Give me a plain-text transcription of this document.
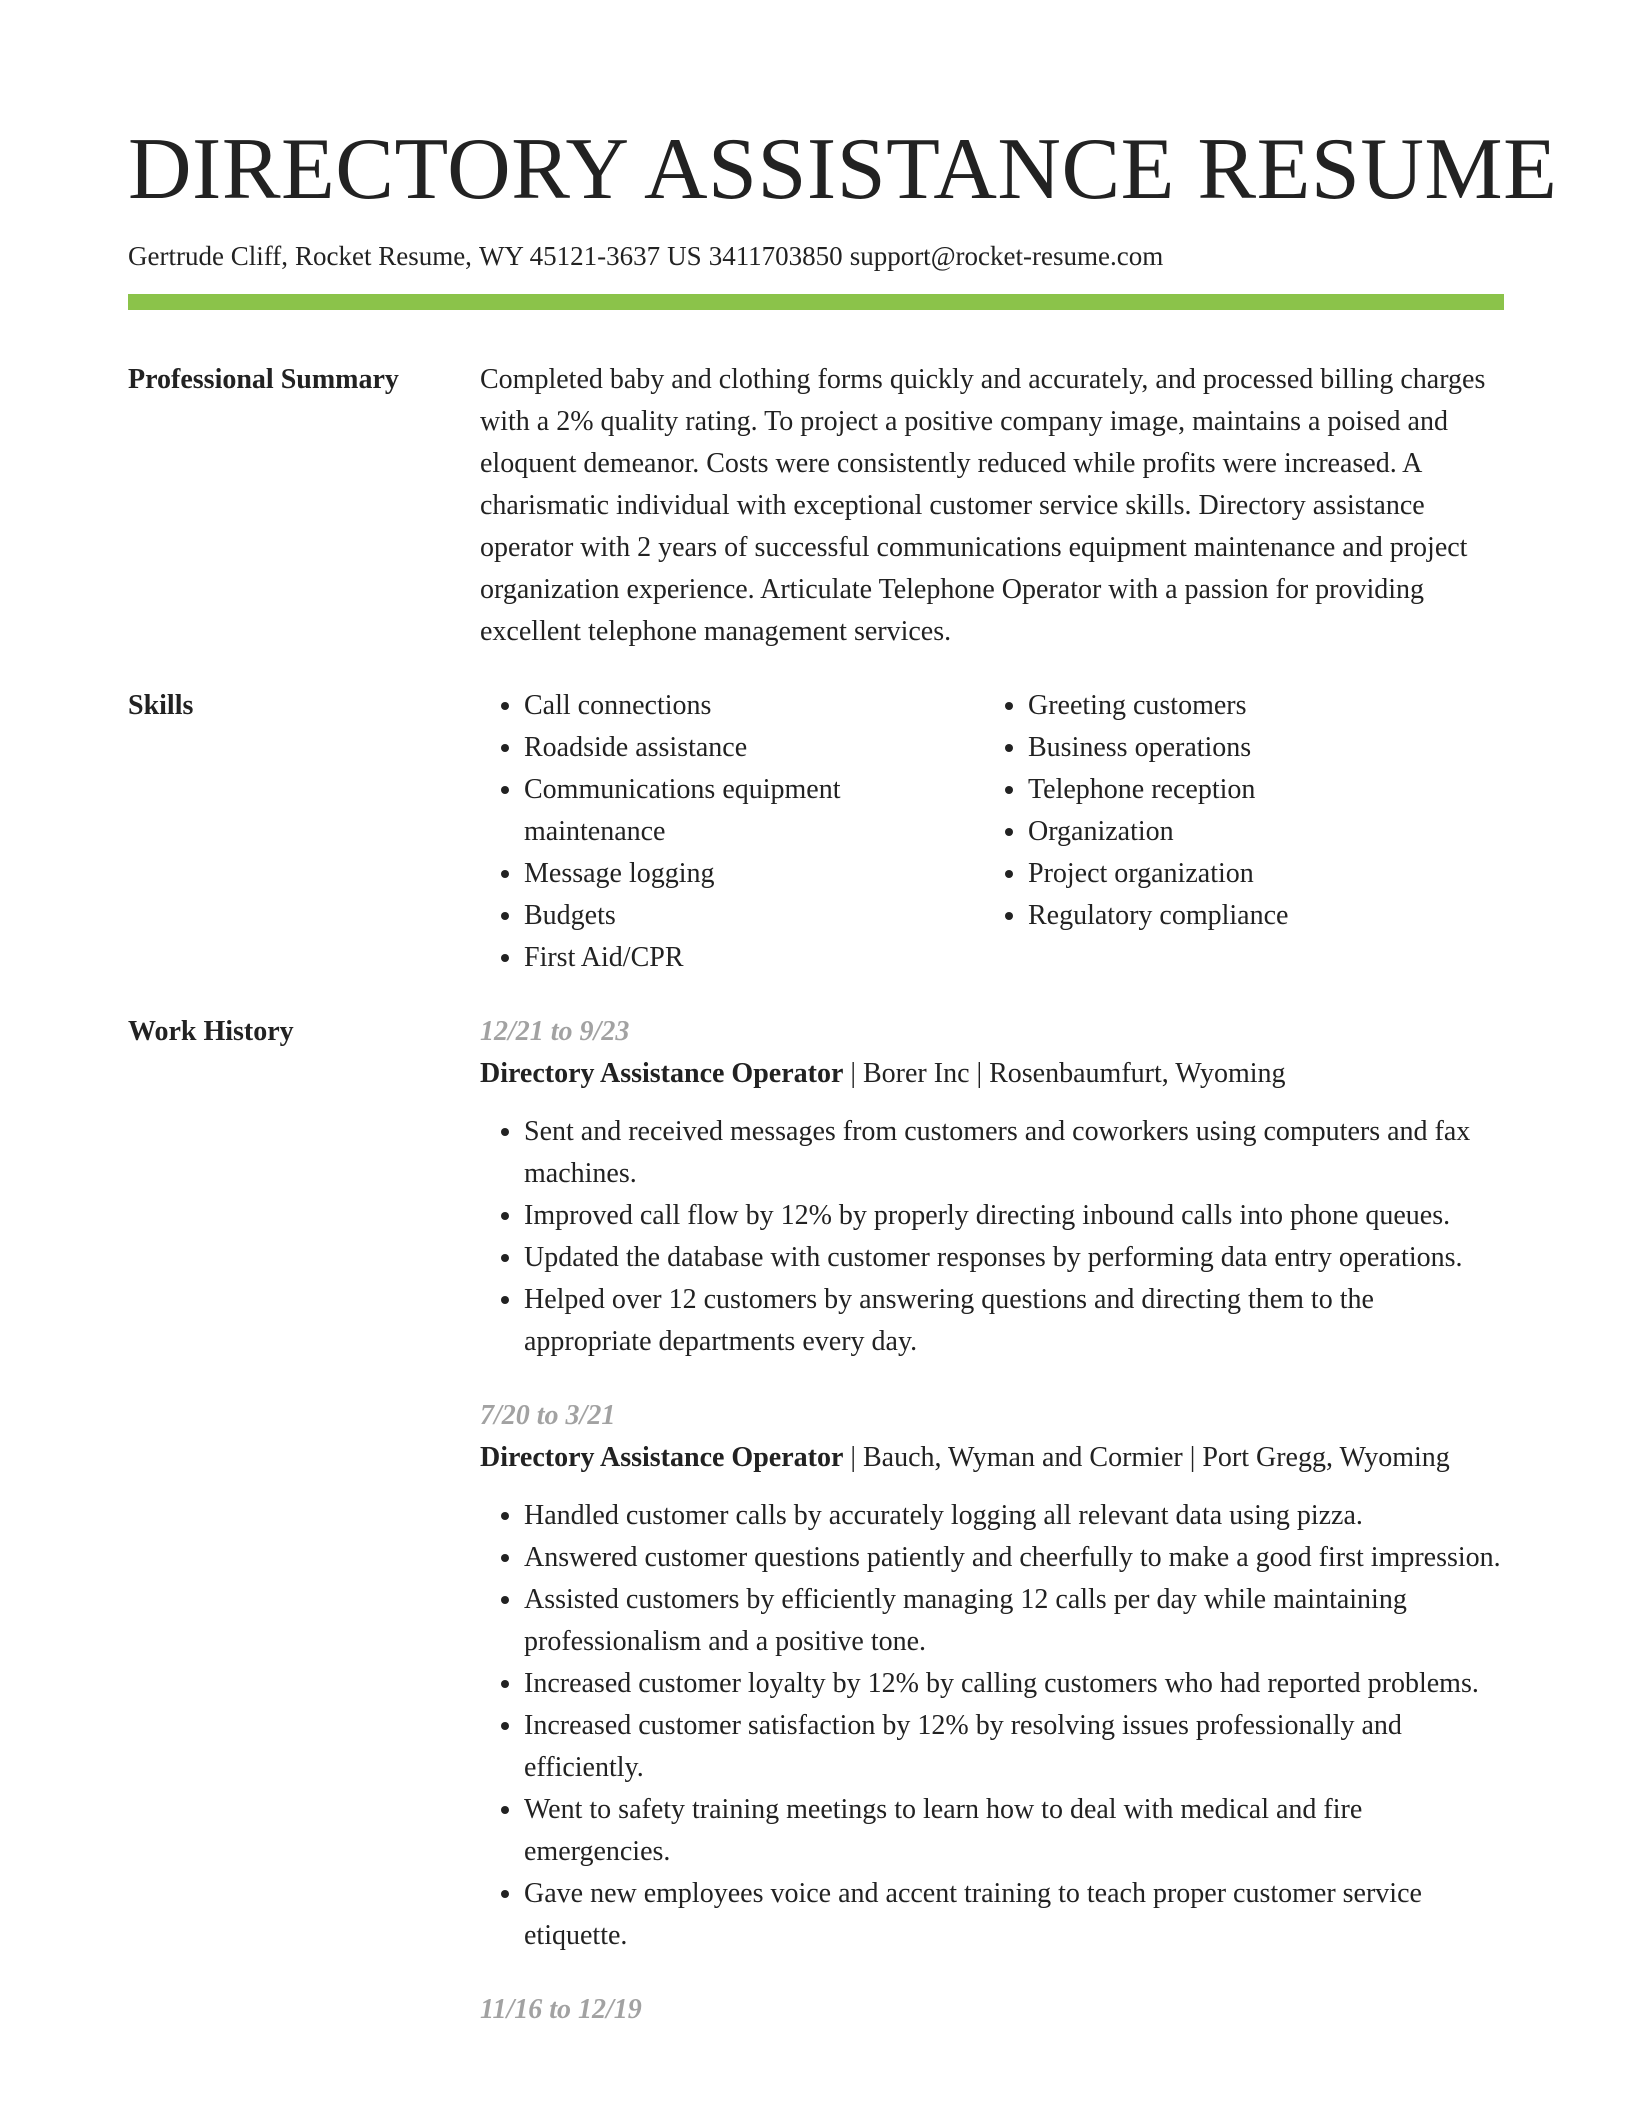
DIRECTORY ASSISTANCE RESUME
Gertrude Cliff, Rocket Resume, WY 45121-3637 US 3411703850 support@rocket-resume.com
Professional Summary	Completed baby and clothing forms quickly and accurately, and processed billing charges with a 2% quality rating. To project a positive company image, maintains a poised and eloquent demeanor. Costs were consistently reduced while profits were increased. A charismatic individual with exceptional customer service skills. Directory assistance operator with 2 years of successful communications equipment maintenance and project organization experience. Articulate Telephone Operator with a passion for providing excellent telephone management services.

Skills
•	Call connections
• Roadside assistance
• Communications equipment maintenance
• Message logging
• Budgets
• First Aid/CPR
• Greeting customers
• Business operations
• Telephone reception
• Organization
• Project organization
• Regulatory compliance
Work History	12/21 to 9/23
Directory Assistance Operator | Borer Inc | Rosenbaumfurt, Wyoming
• Sent and received messages from customers and coworkers using computers and fax machines.
• Improved call flow by 12% by properly directing inbound calls into phone queues.
• Updated the database with customer responses by performing data entry operations.
• Helped over 12 customers by answering questions and directing them to the appropriate departments every day.
7/20 to 3/21
Directory Assistance Operator | Bauch, Wyman and Cormier | Port Gregg, Wyoming
• Handled customer calls by accurately logging all relevant data using pizza.
• Answered customer questions patiently and cheerfully to make a good first impression.
• Assisted customers by efficiently managing 12 calls per day while maintaining professionalism and a positive tone.
• Increased customer loyalty by 12% by calling customers who had reported problems.
• Increased customer satisfaction by 12% by resolving issues professionally and efficiently.
• Went to safety training meetings to learn how to deal with medical and fire emergencies.
• Gave new employees voice and accent training to teach proper customer service etiquette.
11/16 to 12/19
